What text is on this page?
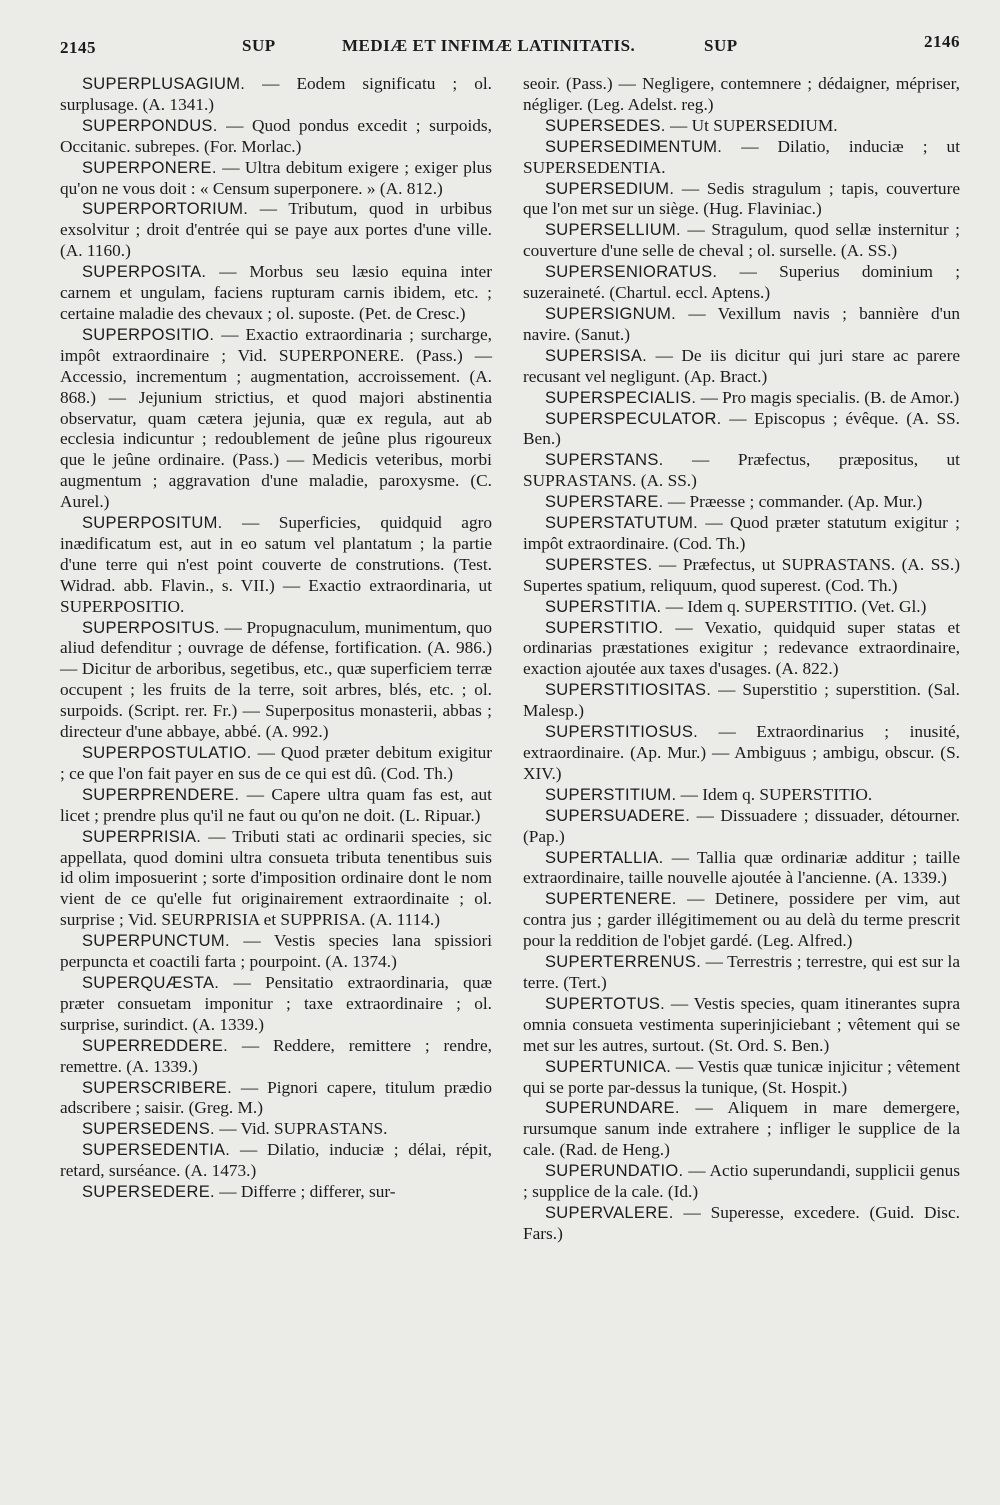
2145	SUP	MEDIÆ ET INFIMÆ LATINITATIS.	SUP	2146

SUPERPLUSAGIUM. — Eodem significatu ; ol. surplusage. (A. 1341.)

SUPERPONDUS. — Quod pondus excedit ; surpoids, Occitanic. subrepes. (For. Morlac.)

SUPERPONERE. — Ultra debitum exigere ; exiger plus qu'on ne vous doit : « Censum superponere. » (A. 812.)

SUPERPORTORIUM. — Tributum, quod in urbibus exsolvitur ; droit d'entrée qui se paye aux portes d'une ville. (A. 1160.)

SUPERPOSITA. — Morbus seu læsio equina inter carnem et ungulam, faciens rupturam carnis ibidem, etc. ; certaine maladie des chevaux ; ol. suposte. (Pet. de Cresc.)

SUPERPOSITIO. — Exactio extraordinaria ; surcharge, impôt extraordinaire ; Vid. SUPERPONERE. (Pass.) — Accessio, incrementum ; augmentation, accroissement. (A. 868.) — Jejunium strictius, et quod majori abstinentia observatur, quam cætera jejunia, quæ ex regula, aut ab ecclesia indicuntur ; redoublement de jeûne plus rigoureux que le jeûne ordinaire. (Pass.) — Medicis veteribus, morbi augmentum ; aggravation d'une maladie, paroxysme. (C. Aurel.)

SUPERPOSITUM. — Superficies, quidquid agro inædificatum est, aut in eo satum vel plantatum ; la partie d'une terre qui n'est point couverte de construtions. (Test. Widrad. abb. Flavin., s. VII.) — Exactio extraordinaria, ut SUPERPOSITIO.

SUPERPOSITUS. — Propugnaculum, munimentum, quo aliud defenditur ; ouvrage de défense, fortification. (A. 986.) — Dicitur de arboribus, segetibus, etc., quæ superficiem terræ occupent ; les fruits de la terre, soit arbres, blés, etc. ; ol. surpoids. (Script. rer. Fr.) — Superpositus monasterii, abbas ; directeur d'une abbaye, abbé. (A. 992.)

SUPERPOSTULATIO. — Quod præter debitum exigitur ; ce que l'on fait payer en sus de ce qui est dû. (Cod. Th.)

SUPERPRENDERE. — Capere ultra quam fas est, aut licet ; prendre plus qu'il ne faut ou qu'on ne doit. (L. Ripuar.)

SUPERPRISIA. — Tributi stati ac ordinarii species, sic appellata, quod domini ultra consueta tributa tenentibus suis id olim imposuerint ; sorte d'imposition ordinaire dont le nom vient de ce qu'elle fut originairement extraordinaite ; ol. surprise ; Vid. SEURPRISIA et SUPPRISA. (A. 1114.)

SUPERPUNCTUM. — Vestis species lana spissiori perpuncta et coactili farta ; pourpoint. (A. 1374.)

SUPERQUÆSTA. — Pensitatio extraordinaria, quæ præter consuetam imponitur ; taxe extraordinaire ; ol. surprise, surindict. (A. 1339.)

SUPERREDDERE. — Reddere, remittere ; rendre, remettre. (A. 1339.)

SUPERSCRIBERE. — Pignori capere, titulum prædio adscribere ; saisir. (Greg. M.)

SUPERSEDENS. — Vid. SUPRASTANS.

SUPERSEDENTIA. — Dilatio, induciæ ; délai, répit, retard, surséance. (A. 1473.)

SUPERSEDERE. — Differre ; differer, sur-

seoir. (Pass.) — Negligere, contemnere ; dédaigner, mépriser, négliger. (Leg. Adelst. reg.)

SUPERSEDES. — Ut SUPERSEDIUM.

SUPERSEDIMENTUM. — Dilatio, induciæ ; ut SUPERSEDENTIA.

SUPERSEDIUM. — Sedis stragulum ; tapis, couverture que l'on met sur un siège. (Hug. Flaviniac.)

SUPERSELLIUM. — Stragulum, quod sellæ insternitur ; couverture d'une selle de cheval ; ol. surselle. (A. SS.)

SUPERSENIORATUS. — Superius dominium ; suzeraineté. (Chartul. eccl. Aptens.)

SUPERSIGNUM. — Vexillum navis ; bannière d'un navire. (Sanut.)

SUPERSISA. — De iis dicitur qui juri stare ac parere recusant vel negligunt. (Ap. Bract.)

SUPERSPECIALIS. — Pro magis specialis. (B. de Amor.)

SUPERSPECULATOR. — Episcopus ; évêque. (A. SS. Ben.)

SUPERSTANS. — Præfectus, præpositus, ut SUPRASTANS. (A. SS.)

SUPERSTARE. — Præesse ; commander. (Ap. Mur.)

SUPERSTATUTUM. — Quod præter statutum exigitur ; impôt extraordinaire. (Cod. Th.)

SUPERSTES. — Præfectus, ut SUPRASTANS. (A. SS.) Supertes spatium, reliquum, quod superest. (Cod. Th.)

SUPERSTITIA. — Idem q. SUPERSTITIO. (Vet. Gl.)

SUPERSTITIO. — Vexatio, quidquid super statas et ordinarias præstationes exigitur ; redevance extraordinaire, exaction ajoutée aux taxes d'usages. (A. 822.)

SUPERSTITIOSITAS. — Superstitio ; superstition. (Sal. Malesp.)

SUPERSTITIOSUS. — Extraordinarius ; inusité, extraordinaire. (Ap. Mur.) — Ambiguus ; ambigu, obscur. (S. XIV.)

SUPERSTITIUM. — Idem q. SUPERSTITIO.

SUPERSUADERE. — Dissuadere ; dissuader, détourner. (Pap.)

SUPERTALLIA. — Tallia quæ ordinariæ additur ; taille extraordinaire, taille nouvelle ajoutée à l'ancienne. (A. 1339.)

SUPERTENERE. — Detinere, possidere per vim, aut contra jus ; garder illégitimement ou au delà du terme prescrit pour la reddition de l'objet gardé. (Leg. Alfred.)

SUPERTERRENUS. — Terrestris ; terrestre, qui est sur la terre. (Tert.)

SUPERTOTUS. — Vestis species, quam itinerantes supra omnia consueta vestimenta superinjiciebant ; vêtement qui se met sur les autres, surtout. (St. Ord. S. Ben.)

SUPERTUNICA. — Vestis quæ tunicæ injicitur ; vêtement qui se porte par-dessus la tunique, (St. Hospit.)

SUPERUNDARE. — Aliquem in mare demergere, rursumque sanum inde extrahere ; infliger le supplice de la cale. (Rad. de Heng.)

SUPERUNDATIO. — Actio superundandi, supplicii genus ; supplice de la cale. (Id.)

SUPERVALERE. — Superesse, excedere. (Guid. Disc. Fars.)
